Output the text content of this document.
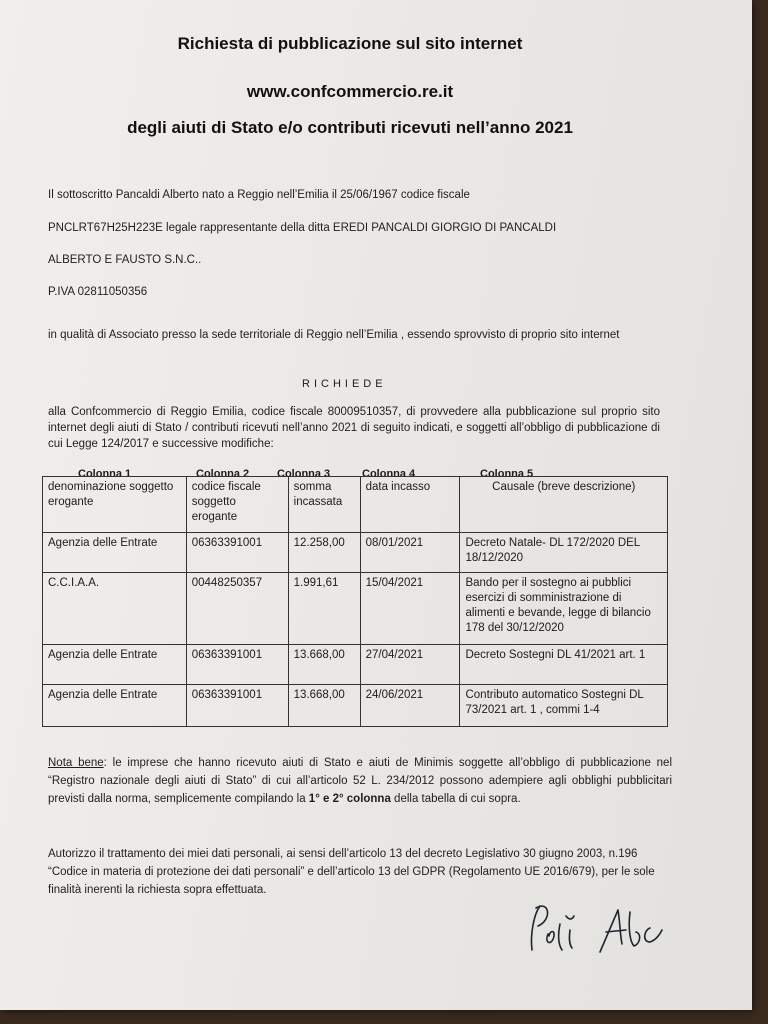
Richiesta di pubblicazione sul sito internet
www.confcommercio.re.it
degli aiuti di Stato e/o contributi ricevuti nell’anno 2021
Il sottoscritto Pancaldi Alberto nato a Reggio nell’Emilia il 25/06/1967 codice fiscale
PNCLRT67H25H223E legale rappresentante della ditta EREDI PANCALDI GIORGIO DI PANCALDI
ALBERTO E FAUSTO S.N.C..
P.IVA 02811050356
in qualità di Associato presso la sede territoriale di Reggio nell’Emilia , essendo sprovvisto di proprio sito internet
RICHIEDE
alla Confcommercio di Reggio Emilia, codice fiscale 80009510357, di provvedere alla pubblicazione sul proprio sito internet degli aiuti di Stato / contributi ricevuti nell’anno 2021 di seguito indicati, e soggetti all’obbligo di pubblicazione di cui Legge 124/2017 e successive modifiche:
Colonna 1	Colonna 2	Colonna 3	Colonna 4	Colonna 5
denominazione soggetto erogante	codice fiscale soggetto erogante	somma incassata	data incasso	Causale (breve descrizione)
Agenzia delle Entrate	06363391001	12.258,00	08/01/2021	Decreto Natale- DL 172/2020 DEL 18/12/2020
C.C.I.A.A.	00448250357	1.991,61	15/04/2021	Bando per il sostegno ai pubblici esercizi di somministrazione di alimenti e bevande, legge di bilancio 178 del 30/12/2020
Agenzia delle Entrate	06363391001	13.668,00	27/04/2021	Decreto Sostegni DL 41/2021 art. 1
Agenzia delle Entrate	06363391001	13.668,00	24/06/2021	Contributo automatico Sostegni DL 73/2021 art. 1 , commi 1-4
Nota bene: le imprese che hanno ricevuto aiuti di Stato e aiuti de Minimis soggette all’obbligo di pubblicazione nel “Registro nazionale degli aiuti di Stato” di cui all’articolo 52 L. 234/2012 possono adempiere agli obblighi pubblicitari previsti dalla norma, semplicemente compilando la 1° e 2° colonna della tabella di cui sopra.
Autorizzo il trattamento dei miei dati personali, ai sensi dell’articolo 13 del decreto Legislativo 30 giugno 2003, n.196 “Codice in materia di protezione dei dati personali” e dell’articolo 13 del GDPR (Regolamento UE 2016/679), per le sole finalità inerenti la richiesta sopra effettuata.
